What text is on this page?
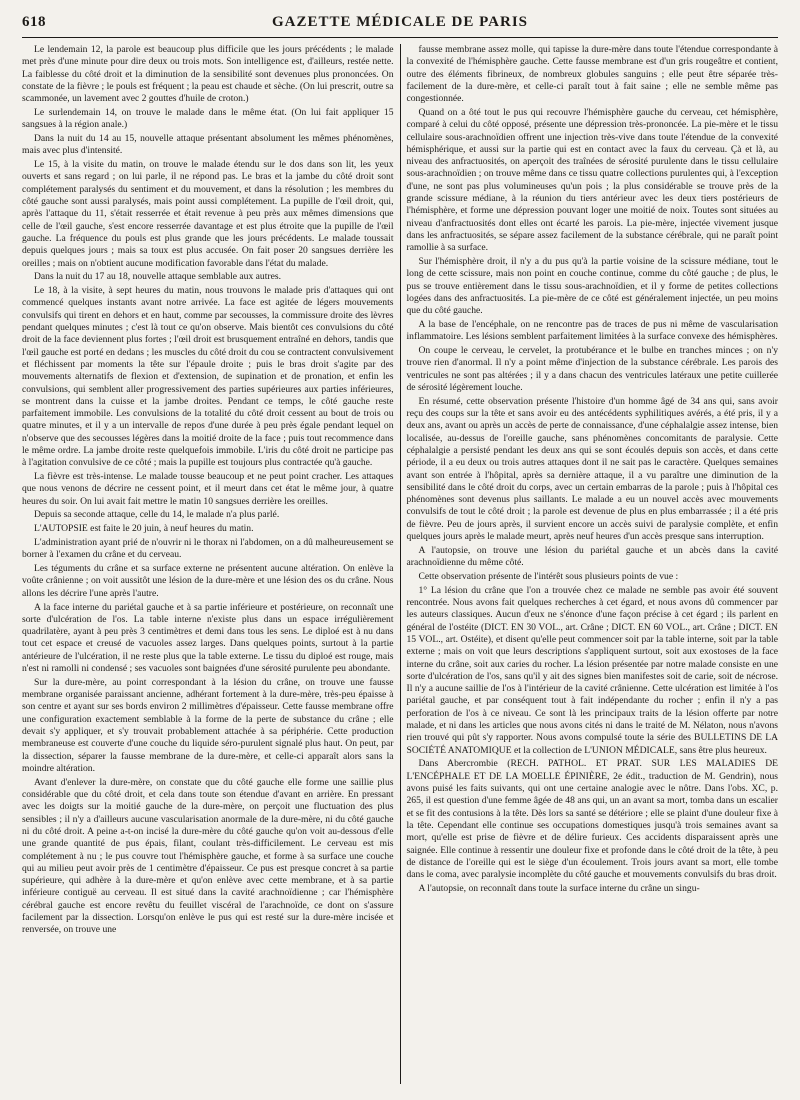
618	GAZETTE MÉDICALE DE PARIS

Le lendemain 12, la parole est beaucoup plus difficile que les jours précédents ; le malade met près d'une minute pour dire deux ou trois mots. Son intelligence est, d'ailleurs, restée nette. La faiblesse du côté droit et la diminution de la sensibilité sont devenues plus prononcées. On constate de la fièvre ; le pouls est fréquent ; la peau est chaude et sèche. (On lui prescrit, outre sa scammonée, un lavement avec 2 gouttes d'huile de croton.)

Le surlendemain 14, on trouve le malade dans le même état. (On lui fait appliquer 15 sangsues à la région anale.)

Dans la nuit du 14 au 15, nouvelle attaque présentant absolument les mêmes phénomènes, mais avec plus d'intensité.

Le 15, à la visite du matin, on trouve le malade étendu sur le dos dans son lit, les yeux ouverts et sans regard ; on lui parle, il ne répond pas. Le bras et la jambe du côté droit sont complétement paralysés du sentiment et du mouvement, et dans la résolution ; les membres du côté gauche sont aussi paralysés, mais point aussi complétement. La pupille de l'œil droit, qui, après l'attaque du 11, s'était resserrée et était revenue à peu près aux mêmes dimensions que celle de l'œil gauche, s'est encore resserrée davantage et est plus étroite que la pupille de l'œil gauche. La fréquence du pouls est plus grande que les jours précédents. Le malade toussait depuis quelques jours ; mais sa toux est plus accusée. On fait poser 20 sangsues derrière les oreilles ; mais on n'obtient aucune modification favorable dans l'état du malade.

Dans la nuit du 17 au 18, nouvelle attaque semblable aux autres.

Le 18, à la visite, à sept heures du matin, nous trouvons le malade pris d'attaques qui ont commencé quelques instants avant notre arrivée. La face est agitée de légers mouvements convulsifs qui tirent en dehors et en haut, comme par secousses, la commissure droite des lèvres pendant quelques minutes ; c'est là tout ce qu'on observe. Mais bientôt ces convulsions du côté droit de la face deviennent plus fortes ; l'œil droit est brusquement entraîné en dehors, tandis que l'œil gauche est porté en dedans ; les muscles du côté droit du cou se contractent convulsivement et fléchissent par moments la tête sur l'épaule droite ; puis le bras droit s'agite par des mouvements alternatifs de flexion et d'extension, de supination et de pronation, et enfin les convulsions, qui semblent aller progressivement des parties supérieures aux parties inférieures, se montrent dans la cuisse et la jambe droites. Pendant ce temps, le côté gauche reste parfaitement immobile. Les convulsions de la totalité du côté droit cessent au bout de trois ou quatre minutes, et il y a un intervalle de repos d'une durée à peu près égale pendant lequel on n'observe que des secousses légères dans la moitié droite de la face ; puis tout recommence dans le même ordre. La jambe droite reste quelquefois immobile. L'iris du côté droit ne participe pas à l'agitation convulsive de ce côté ; mais la pupille est toujours plus contractée qu'à gauche.

La fièvre est très-intense. Le malade tousse beaucoup et ne peut point cracher. Les attaques que nous venons de décrire ne cessent point, et il meurt dans cet état le même jour, à quatre heures du soir. On lui avait fait mettre le matin 10 sangsues derrière les oreilles.

Depuis sa seconde attaque, celle du 14, le malade n'a plus parlé.

L'AUTOPSIE est faite le 20 juin, à neuf heures du matin.

L'administration ayant prié de n'ouvrir ni le thorax ni l'abdomen, on a dû malheureusement se borner à l'examen du crâne et du cerveau.

Les téguments du crâne et sa surface externe ne présentent aucune altération. On enlève la voûte crânienne ; on voit aussitôt une lésion de la dure-mère et une lésion des os du crâne. Nous allons les décrire l'une après l'autre.

A la face interne du pariétal gauche et à sa partie inférieure et postérieure, on reconnaît une sorte d'ulcération de l'os. La table interne n'existe plus dans un espace irrégulièrement quadrilatère, ayant à peu près 3 centimètres et demi dans tous les sens. Le diploé est à nu dans tout cet espace et creusé de vacuoles assez larges. Dans quelques points, surtout à la partie antérieure de l'ulcération, il ne reste plus que la table externe. Le tissu du diploé est rouge, mais n'est ni ramolli ni condensé ; ses vacuoles sont baignées d'une sérosité purulente peu abondante.

Sur la dure-mère, au point correspondant à la lésion du crâne, on trouve une fausse membrane organisée paraissant ancienne, adhérant fortement à la dure-mère, très-peu épaisse à son centre et ayant sur ses bords environ 2 millimètres d'épaisseur. Cette fausse membrane offre une configuration exactement semblable à la forme de la perte de substance du crâne ; elle devait s'y appliquer, et s'y trouvait probablement attachée à sa périphérie. Cette production membraneuse est couverte d'une couche du liquide séro-purulent signalé plus haut. On peut, par la dissection, séparer la fausse membrane de la dure-mère, et celle-ci apparaît alors sans la moindre altération.

Avant d'enlever la dure-mère, on constate que du côté gauche elle forme une saillie plus considérable que du côté droit, et cela dans toute son étendue d'avant en arrière. En pressant avec les doigts sur la moitié gauche de la dure-mère, on perçoit une fluctuation des plus sensibles ; il n'y a d'ailleurs aucune vascularisation anormale de la dure-mère, ni du côté gauche ni du côté droit. A peine a-t-on incisé la dure-mère du côté gauche qu'on voit au-dessous d'elle une grande quantité de pus épais, filant, coulant très-difficilement. Le cerveau est mis complétement à nu ; le pus couvre tout l'hémisphère gauche, et forme à sa surface une couche qui au milieu peut avoir près de 1 centimètre d'épaisseur. Ce pus est presque concret à sa partie supérieure, qui adhère à la dure-mère et qu'on enlève avec cette membrane, et à sa partie inférieure contiguë au cerveau. Il est situé dans la cavité arachnoïdienne ; car l'hémisphère cérébral gauche est encore revêtu du feuillet viscéral de l'arachnoïde, ce dont on s'assure facilement par la dissection. Lorsqu'on enlève le pus qui est resté sur la dure-mère incisée et renversée, on trouve une

fausse membrane assez molle, qui tapisse la dure-mère dans toute l'étendue correspondante à la convexité de l'hémisphère gauche. Cette fausse membrane est d'un gris rougeâtre et contient, outre des éléments fibrineux, de nombreux globules sanguins ; elle peut être séparée très-facilement de la dure-mère, et celle-ci paraît tout à fait saine ; elle ne semble même pas congestionnée.

Quand on a ôté tout le pus qui recouvre l'hémisphère gauche du cerveau, cet hémisphère, comparé à celui du côté opposé, présente une dépression très-prononcée. La pie-mère et le tissu cellulaire sous-arachnoïdien offrent une injection très-vive dans toute l'étendue de la convexité hémisphérique, et aussi sur la partie qui est en contact avec la faux du cerveau. Çà et là, au niveau des anfractuosités, on aperçoit des traînées de sérosité purulente dans le tissu cellulaire sous-arachnoïdien ; on trouve même dans ce tissu quatre collections purulentes qui, à l'exception d'une, ne sont pas plus volumineuses qu'un pois ; la plus considérable se trouve près de la grande scissure médiane, à la réunion du tiers antérieur avec les deux tiers postérieurs de l'hémisphère, et forme une dépression pouvant loger une moitié de noix. Toutes sont situées au niveau d'anfractuosités dont elles ont écarté les parois. La pie-mère, injectée vivement jusque dans les anfractuosités, se sépare assez facilement de la substance cérébrale, qui ne paraît point ramollie à sa surface.

Sur l'hémisphère droit, il n'y a du pus qu'à la partie voisine de la scissure médiane, tout le long de cette scissure, mais non point en couche continue, comme du côté gauche ; de plus, le pus se trouve entièrement dans le tissu sous-arachnoïdien, et il y forme de petites collections logées dans des anfractuosités. La pie-mère de ce côté est généralement injectée, un peu moins que du côté gauche.

A la base de l'encéphale, on ne rencontre pas de traces de pus ni même de vascularisation inflammatoire. Les lésions semblent parfaitement limitées à la surface convexe des hémisphères.

On coupe le cerveau, le cervelet, la protubérance et le bulbe en tranches minces ; on n'y trouve rien d'anormal. Il n'y a point même d'injection de la substance cérébrale. Les parois des ventricules ne sont pas altérées ; il y a dans chacun des ventricules latéraux une petite cuillerée de sérosité légèrement louche.

En résumé, cette observation présente l'histoire d'un homme âgé de 34 ans qui, sans avoir reçu des coups sur la tête et sans avoir eu des antécédents syphilitiques avérés, a été pris, il y a deux ans, avant ou après un accès de perte de connaissance, d'une céphalalgie assez intense, bien localisée, au-dessus de l'oreille gauche, sans phénomènes concomitants de paralysie. Cette céphalalgie a persisté pendant les deux ans qui se sont écoulés depuis son accès, et dans cette période, il a eu deux ou trois autres attaques dont il ne sait pas le caractère. Quelques semaines avant son entrée à l'hôpital, après sa dernière attaque, il a vu paraître une diminution de la sensibilité dans le côté droit du corps, avec un certain embarras de la parole ; puis à l'hôpital ces phénomènes sont devenus plus saillants. Le malade a eu un nouvel accès avec mouvements convulsifs de tout le côté droit ; la parole est devenue de plus en plus embarrassée ; il a été pris de fièvre. Peu de jours après, il survient encore un accès suivi de paralysie complète, et enfin quelques jours après le malade meurt, après neuf heures d'un accès presque sans interruption.

A l'autopsie, on trouve une lésion du pariétal gauche et un abcès dans la cavité arachnoïdienne du même côté.

Cette observation présente de l'intérêt sous plusieurs points de vue :

1° La lésion du crâne que l'on a trouvée chez ce malade ne semble pas avoir été souvent rencontrée. Nous avons fait quelques recherches à cet égard, et nous avons dû commencer par les auteurs classiques. Aucun d'eux ne s'énonce d'une façon précise à cet égard ; ils parlent en général de l'ostéite (DICT. EN 30 VOL., art. Crâne ; DICT. EN 60 VOL., art. Crâne ; DICT. EN 15 VOL., art. Ostéite), et disent qu'elle peut commencer soit par la table interne, soit par la table externe ; mais on voit que leurs descriptions s'appliquent surtout, soit aux exostoses de la face interne du crâne, soit aux caries du rocher. La lésion présentée par notre malade consiste en une sorte d'ulcération de l'os, sans qu'il y ait des signes bien manifestes soit de carie, soit de nécrose. Il n'y a aucune saillie de l'os à l'intérieur de la cavité crânienne. Cette ulcération est limitée à l'os pariétal gauche, et par conséquent tout à fait indépendante du rocher ; enfin il n'y a pas perforation de l'os à ce niveau. Ce sont là les principaux traits de la lésion offerte par notre malade, et ni dans les articles que nous avons cités ni dans le traité de M. Nélaton, nous n'avons rien trouvé qui pût s'y rapporter. Nous avons compulsé toute la série des BULLETINS DE LA SOCIÉTÉ ANATOMIQUE et la collection de L'UNION MÉDICALE, sans être plus heureux.

Dans Abercrombie (RECH. PATHOL. ET PRAT. SUR LES MALADIES DE L'ENCÉPHALE ET DE LA MOELLE ÉPINIÈRE, 2e édit., traduction de M. Gendrin), nous avons puisé les faits suivants, qui ont une certaine analogie avec le nôtre. Dans l'obs. XC, p. 265, il est question d'une femme âgée de 48 ans qui, un an avant sa mort, tomba dans un escalier et se fit des contusions à la tête. Dès lors sa santé se détériore ; elle se plaint d'une douleur fixe à la tête. Cependant elle continue ses occupations domestiques jusqu'à trois semaines avant sa mort, qu'elle est prise de fièvre et de délire furieux. Ces accidents disparaissent après une saignée. Elle continue à ressentir une douleur fixe et profonde dans le côté droit de la tête, à peu de distance de l'oreille qui est le siège d'un écoulement. Trois jours avant sa mort, elle tombe dans le coma, avec paralysie incomplète du côté gauche et mouvements convulsifs du bras droit.

A l'autopsie, on reconnaît dans toute la surface interne du crâne un singu-
